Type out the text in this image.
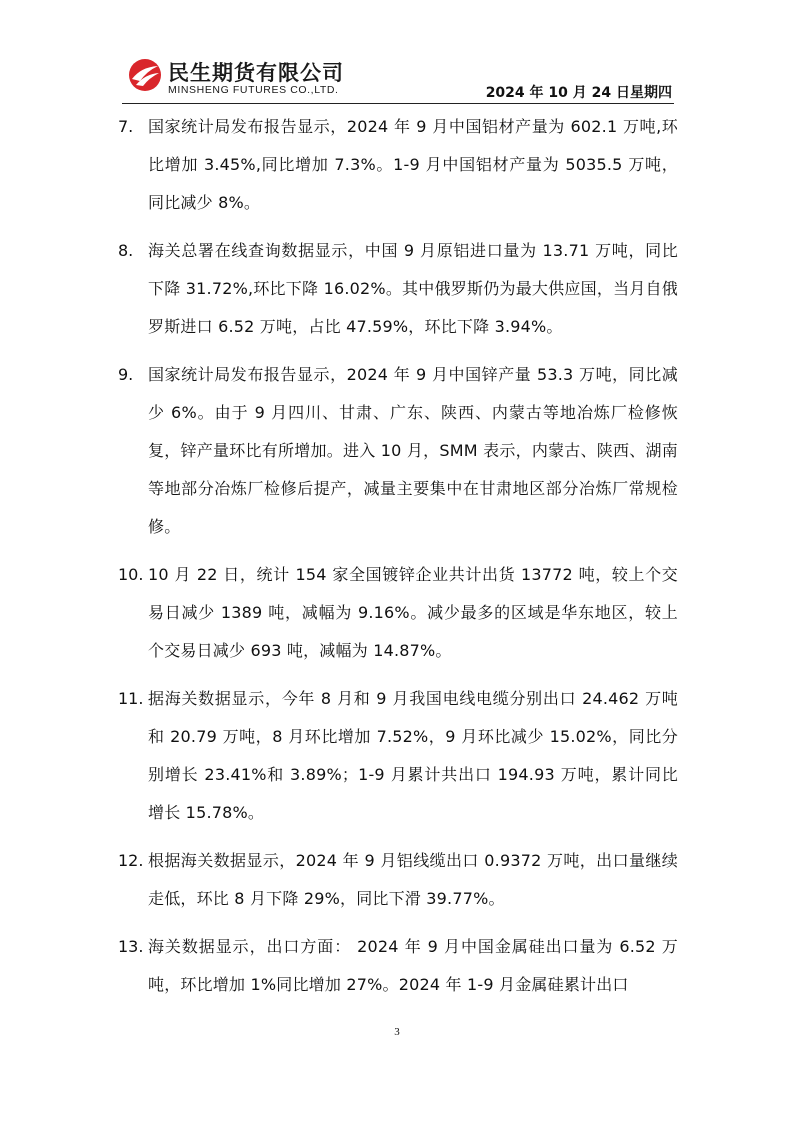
民生期货有限公司
MINSHENG FUTURES CO.,LTD.	2024 年 10 月 24 日星期四
7. 国家统计局发布报告显示，2024 年 9 月中国铝材产量为 602.1 万吨,环比增加 3.45%,同比增加 7.3%。1-9 月中国铝材产量为 5035.5 万吨，同比减少 8%。
8. 海关总署在线查询数据显示，中国 9 月原铝进口量为 13.71 万吨，同比下降 31.72%,环比下降 16.02%。其中俄罗斯仍为最大供应国，当月自俄罗斯进口 6.52 万吨，占比 47.59%，环比下降 3.94%。
9. 国家统计局发布报告显示，2024 年 9 月中国锌产量 53.3 万吨，同比减少 6%。由于 9 月四川、甘肃、广东、陕西、内蒙古等地冶炼厂检修恢复，锌产量环比有所增加。进入 10 月，SMM 表示，内蒙古、陕西、湖南等地部分冶炼厂检修后提产，减量主要集中在甘肃地区部分冶炼厂常规检修。
10. 10 月 22 日，统计 154 家全国镀锌企业共计出货 13772 吨，较上个交易日减少 1389 吨，减幅为 9.16%。减少最多的区域是华东地区，较上个交易日减少 693 吨，减幅为 14.87%。
11. 据海关数据显示，今年 8 月和 9 月我国电线电缆分别出口 24.462 万吨和 20.79 万吨，8 月环比增加 7.52%，9 月环比减少 15.02%，同比分别增长 23.41%和 3.89%；1-9 月累计共出口 194.93 万吨，累计同比增长 15.78%。
12. 根据海关数据显示，2024 年 9 月铝线缆出口 0.9372 万吨，出口量继续走低，环比 8 月下降 29%，同比下滑 39.77%。
13. 海关数据显示，出口方面： 2024 年 9 月中国金属硅出口量为 6.52 万吨，环比增加 1%同比增加 27%。2024 年 1-9 月金属硅累计出口
3
